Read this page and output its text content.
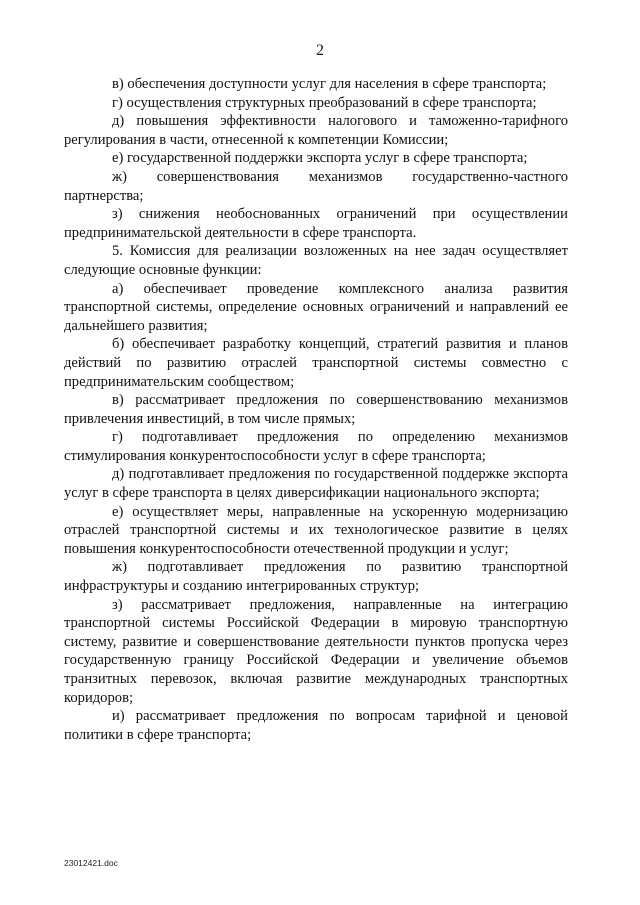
2

в) обеспечения доступности услуг для населения в сфере транспорта;

г) осуществления структурных преобразований в сфере транспорта;

д) повышения эффективности налогового и таможенно-тарифного регулирования в части, отнесенной к компетенции Комиссии;

е) государственной поддержки экспорта услуг в сфере транспорта;

ж) совершенствования механизмов государственно-частного партнерства;

з) снижения необоснованных ограничений при осуществлении предпринимательской деятельности в сфере транспорта.

5. Комиссия для реализации возложенных на нее задач осуществляет следующие основные функции:

а) обеспечивает проведение комплексного анализа развития транспортной системы, определение основных ограничений и направлений ее дальнейшего развития;

б) обеспечивает разработку концепций, стратегий развития и планов действий по развитию отраслей транспортной системы совместно с предпринимательским сообществом;

в) рассматривает предложения по совершенствованию механизмов привлечения инвестиций, в том числе прямых;

г) подготавливает предложения по определению механизмов стимулирования конкурентоспособности услуг в сфере транспорта;

д) подготавливает предложения по государственной поддержке экспорта услуг в сфере транспорта в целях диверсификации национального экспорта;

е) осуществляет меры, направленные на ускоренную модернизацию отраслей транспортной системы и их технологическое развитие в целях повышения конкурентоспособности отечественной продукции и услуг;

ж) подготавливает предложения по развитию транспортной инфраструктуры и созданию интегрированных структур;

з) рассматривает предложения, направленные на интеграцию транспортной системы Российской Федерации в мировую транспортную систему, развитие и совершенствование деятельности пунктов пропуска через государственную границу Российской Федерации и увеличение объемов транзитных перевозок, включая развитие международных транспортных коридоров;

и) рассматривает предложения по вопросам тарифной и ценовой политики в сфере транспорта;

23012421.doc
